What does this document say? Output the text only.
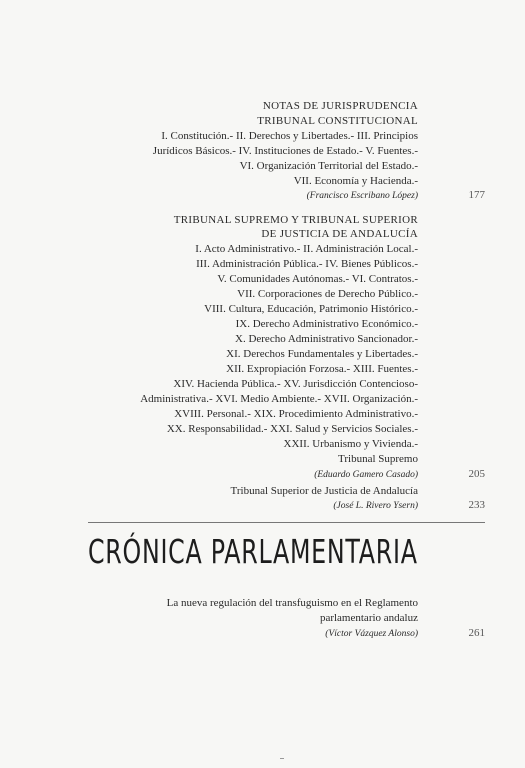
NOTAS DE JURISPRUDENCIA
TRIBUNAL CONSTITUCIONAL
I. Constitución.- II. Derechos y Libertades.- III. Principios
Jurídicos Básicos.- IV. Instituciones de Estado.- V. Fuentes.-
VI. Organización Territorial del Estado.-
VII. Economía y Hacienda.-
(Francisco Escribano López)	177
TRIBUNAL SUPREMO Y TRIBUNAL SUPERIOR
DE JUSTICIA DE ANDALUCÍA
I. Acto Administrativo.- II. Administración Local.-
III. Administración Pública.- IV. Bienes Públicos.-
V. Comunidades Autónomas.- VI. Contratos.-
VII. Corporaciones de Derecho Público.-
VIII. Cultura, Educación, Patrimonio Histórico.-
IX. Derecho Administrativo Económico.-
X. Derecho Administrativo Sancionador.-
XI. Derechos Fundamentales y Libertades.-
XII. Expropiación Forzosa.- XIII. Fuentes.-
XIV. Hacienda Pública.- XV. Jurisdicción Contencioso-
Administrativa.- XVI. Medio Ambiente.- XVII. Organización.-
XVIII. Personal.- XIX. Procedimiento Administrativo.-
XX. Responsabilidad.- XXI. Salud y Servicios Sociales.-
XXII. Urbanismo y Vivienda.-
Tribunal Supremo
(Eduardo Gamero Casado)	205
Tribunal Superior de Justicia de Andalucía
(José L. Rivero Ysern)	233
CRÓNICA PARLAMENTARIA
La nueva regulación del transfuguismo en el Reglamento
parlamentario andaluz
(Víctor Vázquez Alonso)	261
